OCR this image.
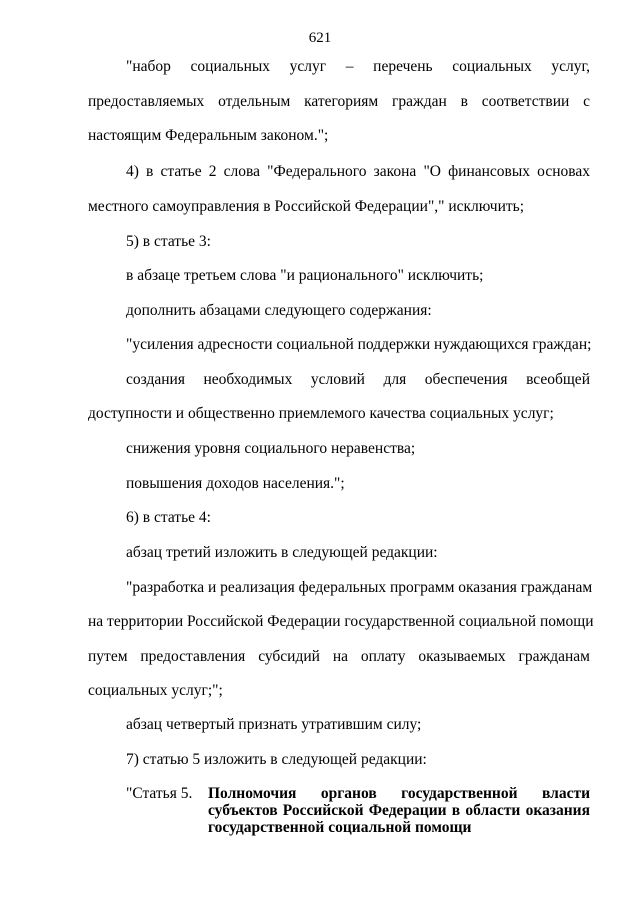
621
"набор социальных услуг – перечень социальных услуг,
предоставляемых отдельным категориям граждан в соответствии с
настоящим Федеральным законом.";
4) в статье 2 слова "Федерального закона "О финансовых основах
местного самоуправления в Российской Федерации"," исключить;
5) в статье 3:
в абзаце третьем слова "и рационального" исключить;
дополнить абзацами следующего содержания:
"усиления адресности социальной поддержки нуждающихся граждан;
создания необходимых условий для обеспечения всеобщей
доступности и общественно приемлемого качества социальных услуг;
снижения уровня социального неравенства;
повышения доходов населения.";
6) в статье 4:
абзац третий изложить в следующей редакции:
"разработка и реализация федеральных программ оказания гражданам
на территории Российской Федерации государственной социальной помощи
путем предоставления субсидий на оплату оказываемых гражданам
социальных услуг;";
абзац четвертый признать утратившим силу;
7) статью 5 изложить в следующей редакции:
"Статья 5. Полномочия органов государственной власти
субъектов Российской Федерации в области оказания
государственной социальной помощи
